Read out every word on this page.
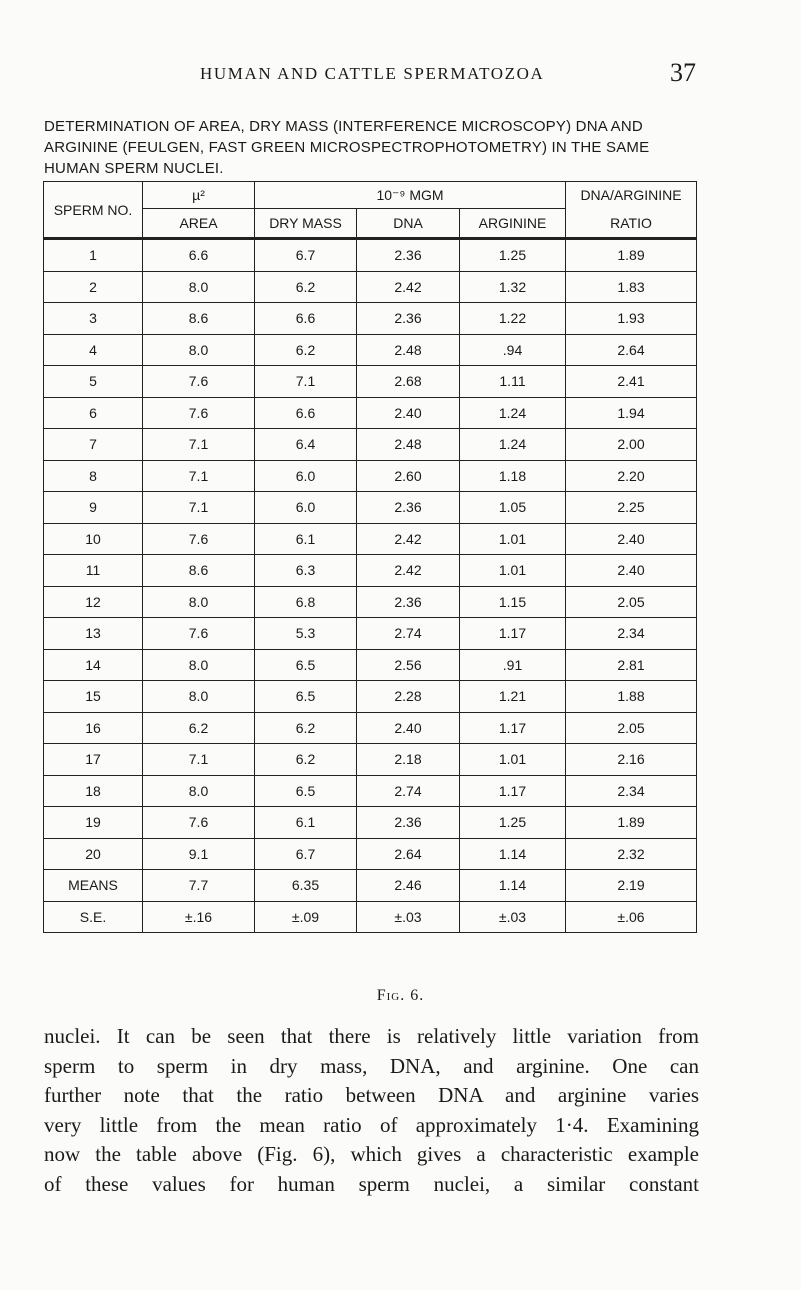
HUMAN AND CATTLE SPERMATOZOA	37
DETERMINATION OF AREA, DRY MASS (INTERFERENCE MICROSCOPY) DNA AND
ARGININE (FEULGEN, FAST GREEN MICROSPECTROPHOTOMETRY) IN THE SAME
HUMAN SPERM NUCLEI.
SPERM NO.	µ²	10⁻⁹ MGM			DNA/ARGININE
	AREA	DRY MASS	DNA	ARGININE	RATIO
1	6.6	6.7	2.36	1.25	1.89
2	8.0	6.2	2.42	1.32	1.83
3	8.6	6.6	2.36	1.22	1.93
4	8.0	6.2	2.48	.94	2.64
5	7.6	7.1	2.68	1.11	2.41
6	7.6	6.6	2.40	1.24	1.94
7	7.1	6.4	2.48	1.24	2.00
8	7.1	6.0	2.60	1.18	2.20
9	7.1	6.0	2.36	1.05	2.25
10	7.6	6.1	2.42	1.01	2.40
11	8.6	6.3	2.42	1.01	2.40
12	8.0	6.8	2.36	1.15	2.05
13	7.6	5.3	2.74	1.17	2.34
14	8.0	6.5	2.56	.91	2.81
15	8.0	6.5	2.28	1.21	1.88
16	6.2	6.2	2.40	1.17	2.05
17	7.1	6.2	2.18	1.01	2.16
18	8.0	6.5	2.74	1.17	2.34
19	7.6	6.1	2.36	1.25	1.89
20	9.1	6.7	2.64	1.14	2.32
MEANS	7.7	6.35	2.46	1.14	2.19
S.E.	±.16	±.09	±.03	±.03	±.06
Fig. 6.
nuclei. It can be seen that there is relatively little variation from
sperm to sperm in dry mass, DNA, and arginine. One can
further note that the ratio between DNA and arginine varies
very little from the mean ratio of approximately 1·4. Examining
now the table above (Fig. 6), which gives a characteristic example
of these values for human sperm nuclei, a similar constant
